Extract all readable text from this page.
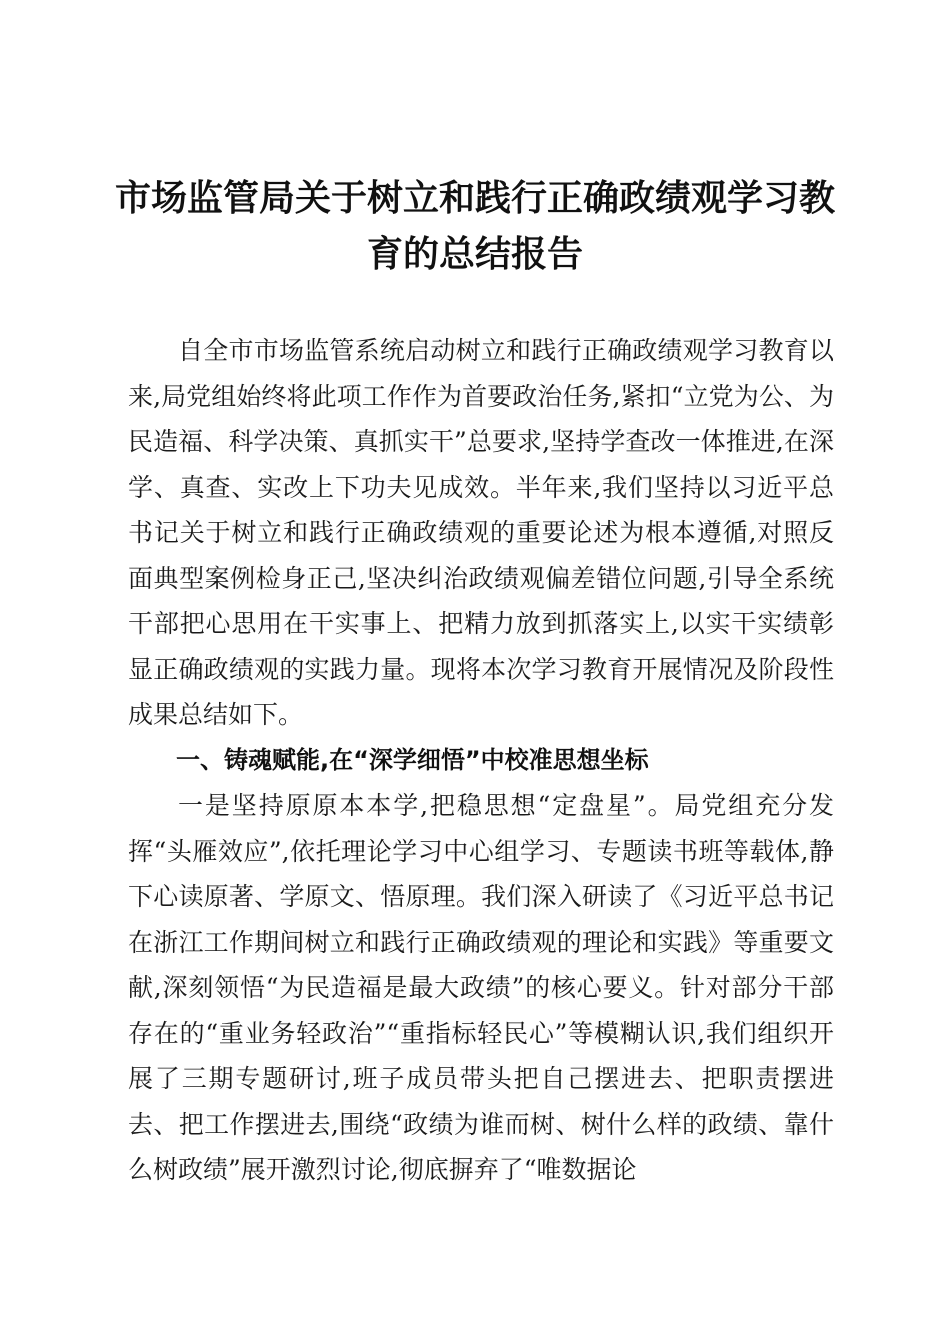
市场监管局关于树立和践行正确政绩观学习教育的总结报告

自全市市场监管系统启动树立和践行正确政绩观学习教育以来,局党组始终将此项工作作为首要政治任务,紧扣“立党为公、为民造福、科学决策、真抓实干”总要求,坚持学查改一体推进,在深学、真查、实改上下功夫见成效。半年来,我们坚持以习近平总书记关于树立和践行正确政绩观的重要论述为根本遵循,对照反面典型案例检身正己,坚决纠治政绩观偏差错位问题,引导全系统干部把心思用在干实事上、把精力放到抓落实上,以实干实绩彰显正确政绩观的实践力量。现将本次学习教育开展情况及阶段性成果总结如下。

一、铸魂赋能,在“深学细悟”中校准思想坐标

一是坚持原原本本学,把稳思想“定盘星”。局党组充分发挥“头雁效应”,依托理论学习中心组学习、专题读书班等载体,静下心读原著、学原文、悟原理。我们深入研读了《习近平总书记在浙江工作期间树立和践行正确政绩观的理论和实践》等重要文献,深刻领悟“为民造福是最大政绩”的核心要义。针对部分干部存在的“重业务轻政治”“重指标轻民心”等模糊认识,我们组织开展了三期专题研讨,班子成员带头把自己摆进去、把职责摆进去、把工作摆进去,围绕“政绩为谁而树、树什么样的政绩、靠什么树政绩”展开激烈讨论,彻底摒弃了“唯数据论
